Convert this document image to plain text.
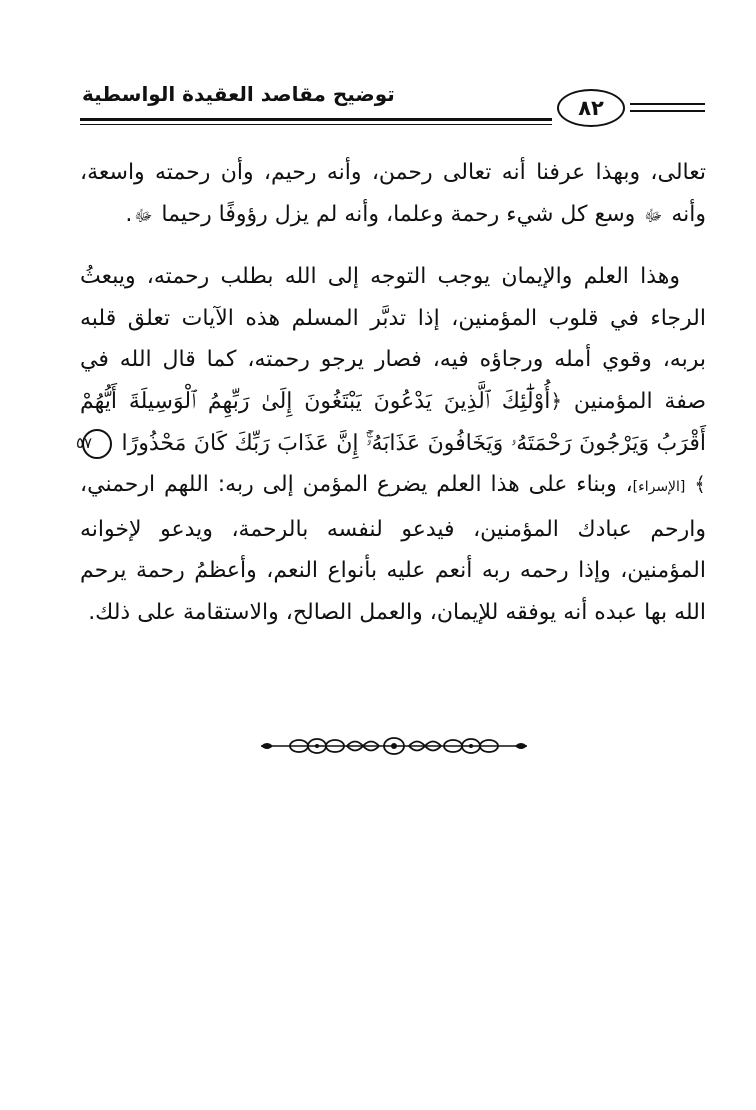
توضيح مقاصد العقيدة الواسطية
٨٢

تعالى، وبهذا عرفنا أنه تعالى رحمن، وأنه رحيم، وأن رحمته واسعة، وأنه ﷻ وسع كل شيء رحمة وعلما، وأنه لم يزل رؤوفًا رحيما ﷻ.

وهذا العلم والإيمان يوجب التوجه إلى الله بطلب رحمته، ويبعثُ الرجاء في قلوب المؤمنين، إذا تدبَّر المسلم هذه الآيات تعلق قلبه بربه، وقوي أمله ورجاؤه فيه، فصار يرجو رحمته، كما قال الله في صفة المؤمنين ﴿أُوْلَٰٓئِكَ ٱلَّذِينَ يَدْعُونَ يَبْتَغُونَ إِلَىٰ رَبِّهِمُ ٱلْوَسِيلَةَ أَيُّهُمْ أَقْرَبُ وَيَرْجُونَ رَحْمَتَهُۥ وَيَخَافُونَ عَذَابَهُۥٓۚ إِنَّ عَذَابَ رَبِّكَ كَانَ مَحْذُورًا ٥٧﴾ [الإسراء]، وبناء على هذا العلم يضرع المؤمن إلى ربه: اللهم ارحمني، وارحم عبادك المؤمنين، فيدعو لنفسه بالرحمة، ويدعو لإخوانه المؤمنين، وإذا رحمه ربه أنعم عليه بأنواع النعم، وأعظمُ رحمة يرحم الله بها عبده أنه يوفقه للإيمان، والعمل الصالح، والاستقامة على ذلك.
